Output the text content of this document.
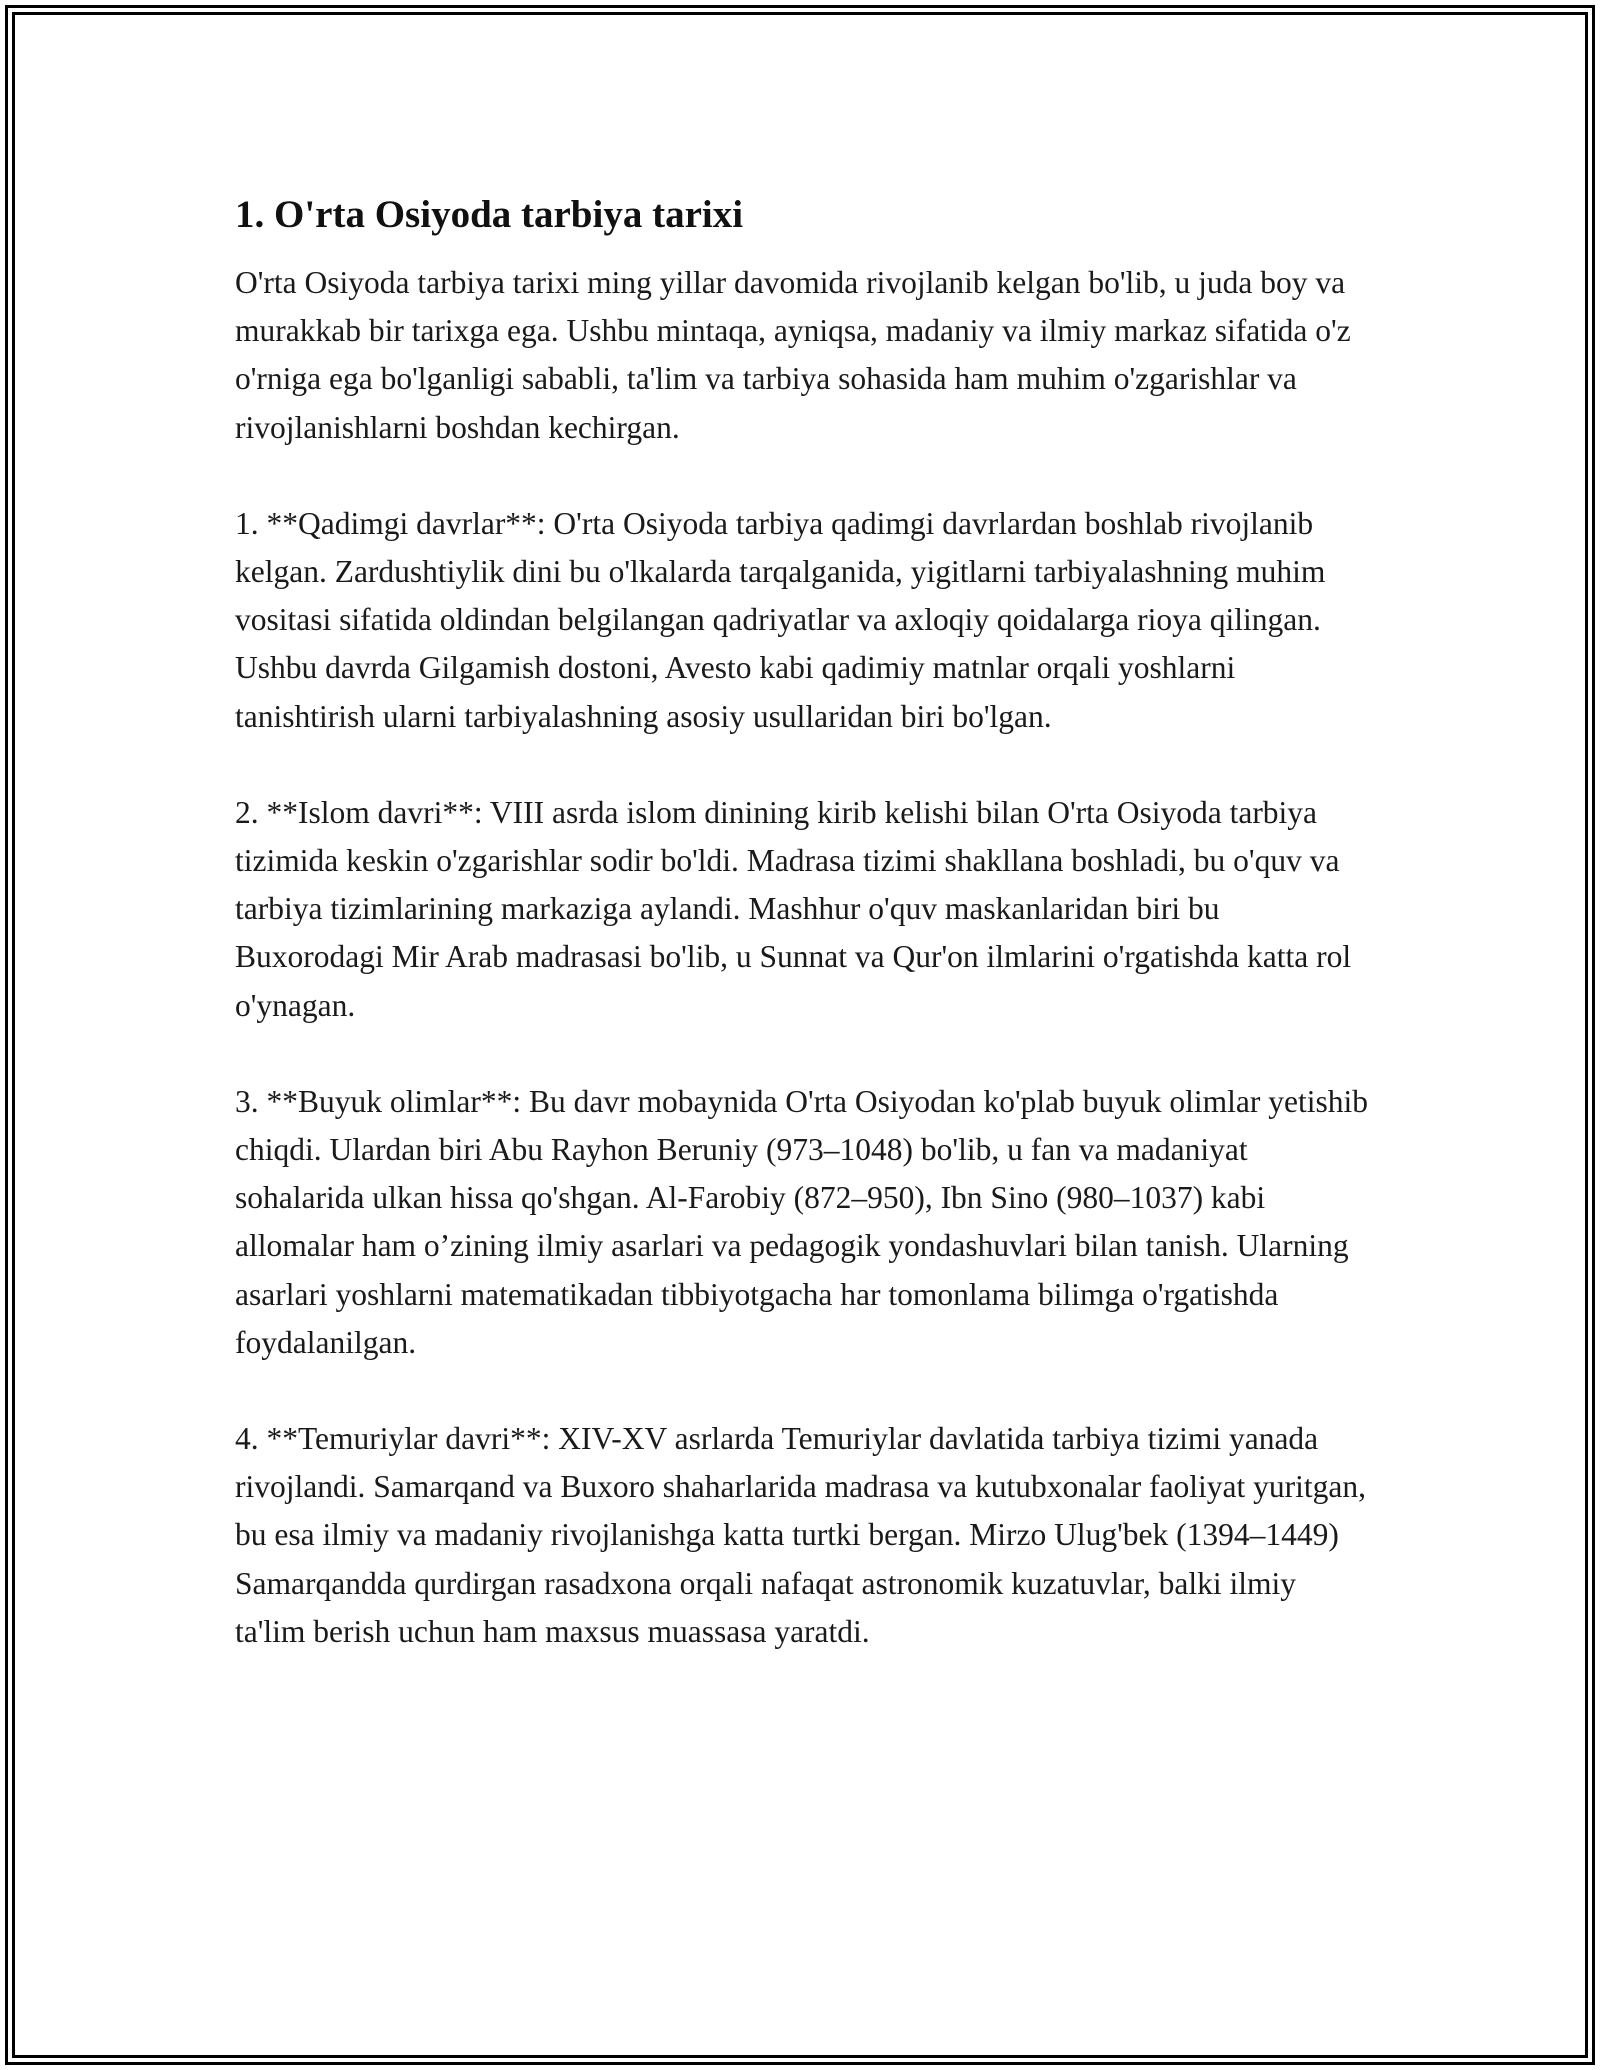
1. O'rta Osiyoda tarbiya tarixi

O'rta Osiyoda tarbiya tarixi ming yillar davomida rivojlanib kelgan bo'lib, u juda boy va murakkab bir tarixga ega. Ushbu mintaqa, ayniqsa, madaniy va ilmiy markaz sifatida o'z o'rniga ega bo'lganligi sababli, ta'lim va tarbiya sohasida ham muhim o'zgarishlar va rivojlanishlarni boshdan kechirgan.

1. **Qadimgi davrlar**: O'rta Osiyoda tarbiya qadimgi davrlardan boshlab rivojlanib kelgan. Zardushtiylik dini bu o'lkalarda tarqalganida, yigitlarni tarbiyalashning muhim vositasi sifatida oldindan belgilangan qadriyatlar va axloqiy qoidalarga rioya qilingan. Ushbu davrda Gilgamish dostoni, Avesto kabi qadimiy matnlar orqali yoshlarni tanishtirish ularni tarbiyalashning asosiy usullaridan biri bo'lgan.

2. **Islom davri**: VIII asrda islom dinining kirib kelishi bilan O'rta Osiyoda tarbiya tizimida keskin o'zgarishlar sodir bo'ldi. Madrasa tizimi shakllana boshladi, bu o'quv va tarbiya tizimlarining markaziga aylandi. Mashhur o'quv maskanlaridan biri bu Buxorodagi Mir Arab madrasasi bo'lib, u Sunnat va Qur'on ilmlarini o'rgatishda katta rol o'ynagan.

3. **Buyuk olimlar**: Bu davr mobaynida O'rta Osiyodan ko'plab buyuk olimlar yetishib chiqdi. Ulardan biri Abu Rayhon Beruniy (973–1048) bo'lib, u fan va madaniyat sohalarida ulkan hissa qo'shgan. Al-Farobiy (872–950), Ibn Sino (980–1037) kabi allomalar ham o’zining ilmiy asarlari va pedagogik yondashuvlari bilan tanish. Ularning asarlari yoshlarni matematikadan tibbiyotgacha har tomonlama bilimga o'rgatishda foydalanilgan.

4. **Temuriylar davri**: XIV-XV asrlarda Temuriylar davlatida tarbiya tizimi yanada rivojlandi. Samarqand va Buxoro shaharlarida madrasa va kutubxonalar faoliyat yuritgan, bu esa ilmiy va madaniy rivojlanishga katta turtki bergan. Mirzo Ulug'bek (1394–1449) Samarqandda qurdirgan rasadxona orqali nafaqat astronomik kuzatuvlar, balki ilmiy ta'lim berish uchun ham maxsus muassasa yaratdi.
